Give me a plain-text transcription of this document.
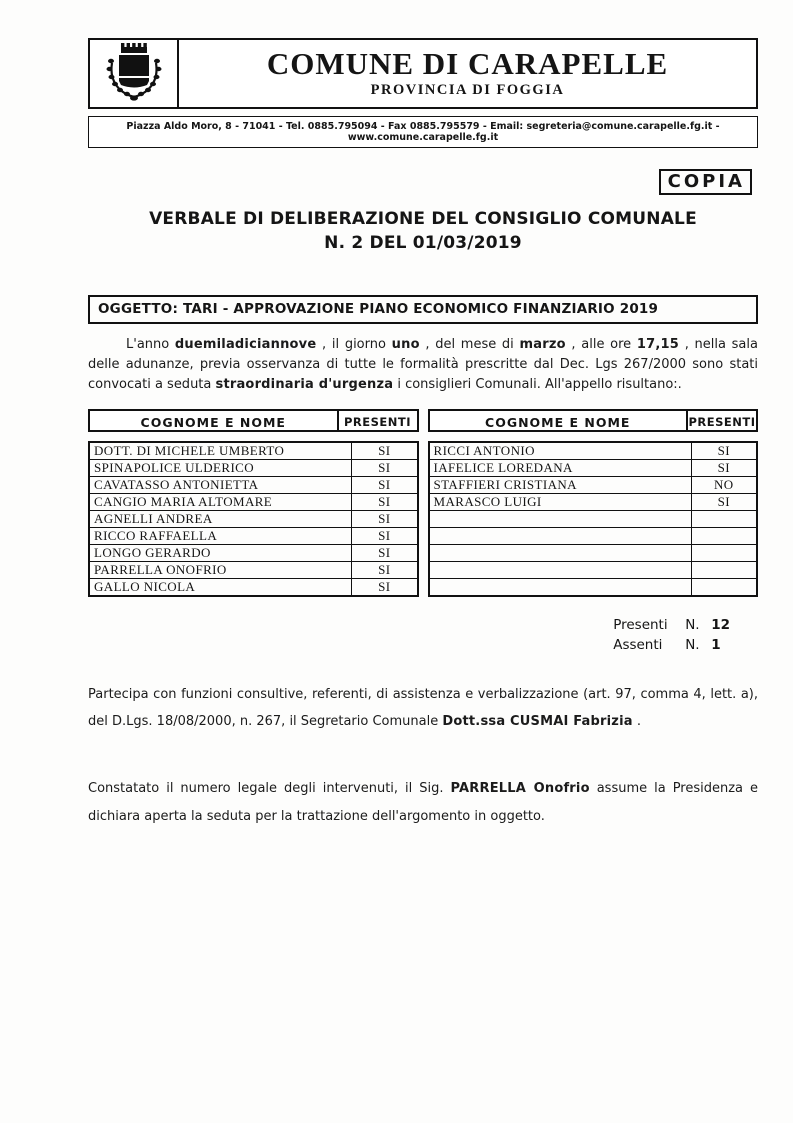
COMUNE DI CARAPELLE
PROVINCIA DI FOGGIA
Piazza Aldo Moro, 8 - 71041 - Tel. 0885.795094 - Fax 0885.795579 - Email: segreteria@comune.carapelle.fg.it - www.comune.carapelle.fg.it
COPIA
VERBALE DI DELIBERAZIONE DEL CONSIGLIO COMUNALE
N. 2 DEL 01/03/2019
OGGETTO: TARI - APPROVAZIONE PIANO ECONOMICO FINANZIARIO 2019

L'anno duemiladiciannove , il giorno uno , del mese di marzo , alle ore 17,15 , nella sala delle adunanze, previa osservanza di tutte le formalità prescritte dal Dec. Lgs 267/2000 sono stati convocati a seduta straordinaria d'urgenza i consiglieri Comunali. All'appello risultano:.

COGNOME E NOME	PRESENTI
DOTT. DI MICHELE UMBERTO	SI
SPINAPOLICE ULDERICO	SI
CAVATASSO ANTONIETTA	SI
CANGIO MARIA ALTOMARE	SI
AGNELLI ANDREA	SI
RICCO RAFFAELLA	SI
LONGO GERARDO	SI
PARRELLA ONOFRIO	SI
GALLO NICOLA	SI
COGNOME E NOME	PRESENTI
RICCI ANTONIO	SI
IAFELICE LOREDANA	SI
STAFFIERI CRISTIANA	NO
MARASCO LUIGI	SI

Presenti	N. 12
Assenti	N. 1

Partecipa con funzioni consultive, referenti, di assistenza e verbalizzazione (art. 97, comma 4, lett. a), del D.Lgs. 18/08/2000, n. 267, il Segretario Comunale Dott.ssa CUSMAI Fabrizia .

Constatato il numero legale degli intervenuti, il Sig. PARRELLA Onofrio assume la Presidenza e dichiara aperta la seduta per la trattazione dell'argomento in oggetto.
